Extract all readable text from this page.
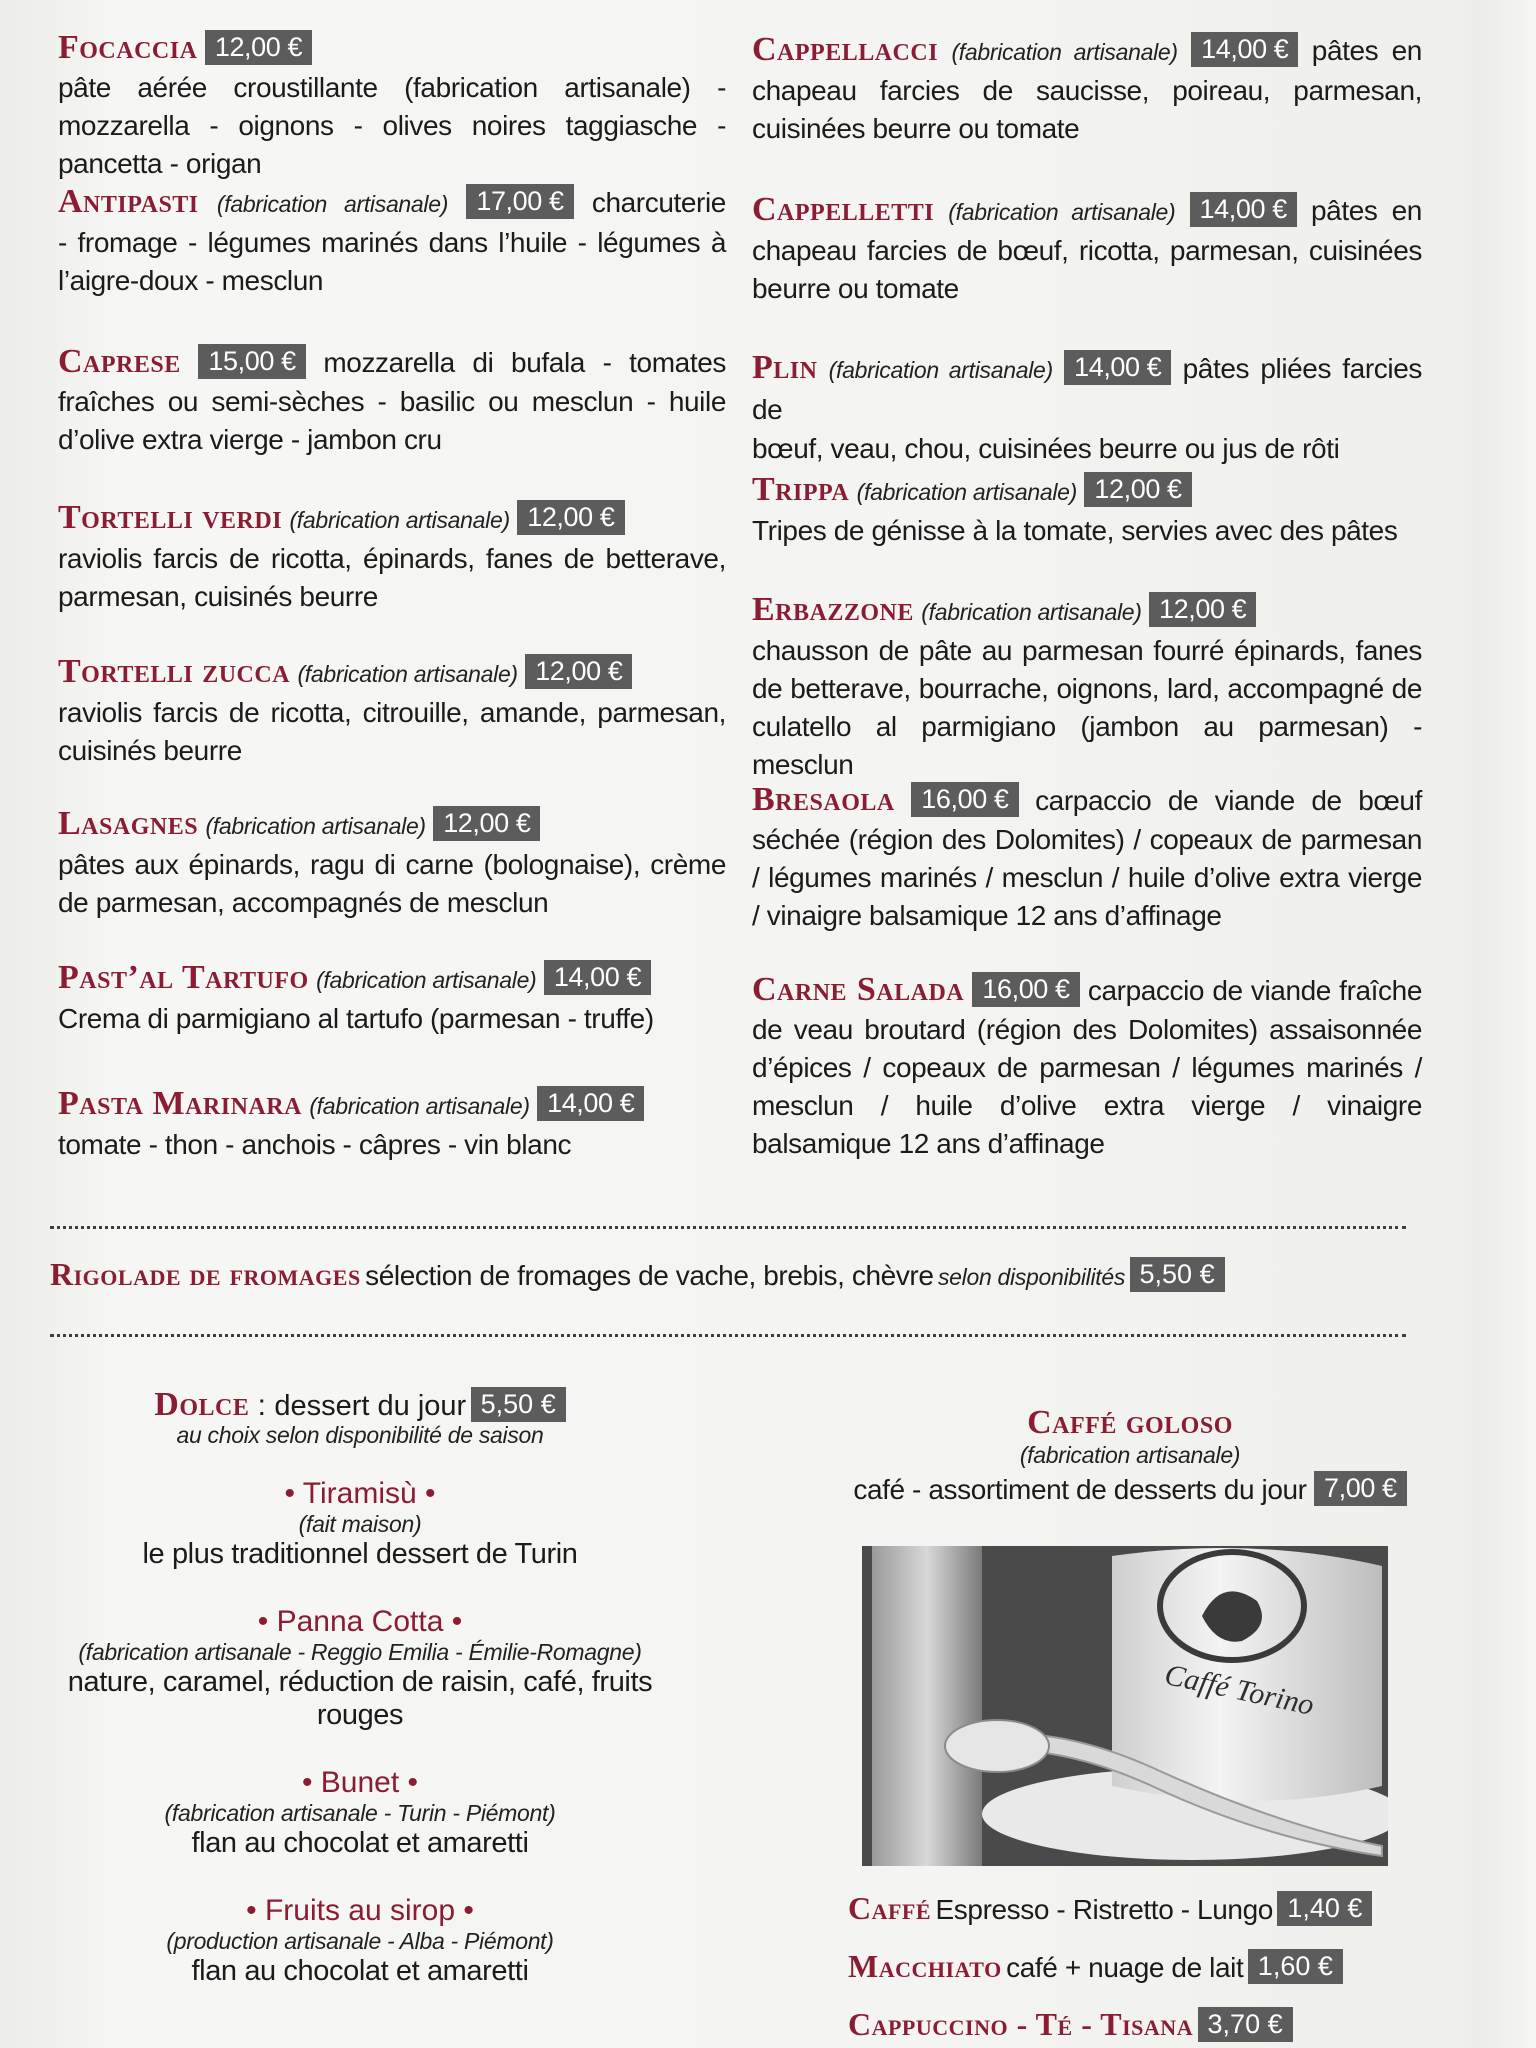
Focaccia 12,00 €
pâte aérée croustillante (fabrication artisanale) - mozzarella - oignons - olives noires taggiasche - pancetta - origan
Antipasti (fabrication artisanale) 17,00 € charcuterie
- fromage - légumes marinés dans l’huile - légumes à l’aigre-doux - mesclun
Caprese 15,00 € mozzarella di bufala - tomates
fraîches ou semi-sèches - basilic ou mesclun - huile d’olive extra vierge - jambon cru
Tortelli verdi (fabrication artisanale) 12,00 €
raviolis farcis de ricotta, épinards, fanes de betterave, parmesan, cuisinés beurre
Tortelli zucca (fabrication artisanale) 12,00 €
raviolis farcis de ricotta, citrouille, amande, parmesan, cuisinés beurre
Lasagnes (fabrication artisanale) 12,00 €
pâtes aux épinards, ragu di carne (bolognaise), crème de parmesan, accompagnés de mesclun
Past’al Tartufo (fabrication artisanale) 14,00 €
Crema di parmigiano al tartufo (parmesan - truffe)
Pasta Marinara (fabrication artisanale) 14,00 €
tomate - thon - anchois - câpres - vin blanc
Cappellacci (fabrication artisanale) 14,00 € pâtes en
chapeau farcies de saucisse, poireau, parmesan, cuisinées beurre ou tomate
Cappelletti (fabrication artisanale) 14,00 € pâtes en
chapeau farcies de bœuf, ricotta, parmesan, cuisinées beurre ou tomate
Plin (fabrication artisanale) 14,00 € pâtes pliées farcies de
bœuf, veau, chou, cuisinées beurre ou jus de rôti
Trippa (fabrication artisanale) 12,00 €
Tripes de génisse à la tomate, servies avec des pâtes
Erbazzone (fabrication artisanale) 12,00 €
chausson de pâte au parmesan fourré épinards, fanes de betterave, bourrache, oignons, lard, accompagné de culatello al parmigiano (jambon au parmesan) - mesclun
Bresaola 16,00 € carpaccio de viande de bœuf
séchée (région des Dolomites) / copeaux de parmesan / légumes marinés / mesclun / huile d’olive extra vierge / vinaigre balsamique 12 ans d’affinage
Carne Salada 16,00 € carpaccio de viande fraîche
de veau broutard (région des Dolomites) assaisonnée d’épices / copeaux de parmesan / légumes marinés / mesclun / huile d’olive extra vierge / vinaigre balsamique 12 ans d’affinage
Rigolade de fromages sélection de fromages de vache, brebis, chèvre selon disponibilités 5,50 €
Dolce : dessert du jour 5,50 €
au choix selon disponibilité de saison
• Tiramisù •
(fait maison)
le plus traditionnel dessert de Turin
• Panna Cotta •
(fabrication artisanale - Reggio Emilia - Émilie-Romagne)
nature, caramel, réduction de raisin, café, fruits rouges
• Bunet •
(fabrication artisanale - Turin - Piémont)
flan au chocolat et amaretti
• Fruits au sirop •
(production artisanale - Alba - Piémont)
flan au chocolat et amaretti
Caffé goloso
(fabrication artisanale)
café - assortiment de desserts du jour 7,00 €
Caffé Torino
Caffé Espresso - Ristretto - Lungo 1,40 €
Macchiato café + nuage de lait 1,60 €
Cappuccino - Té - Tisana 3,70 €
